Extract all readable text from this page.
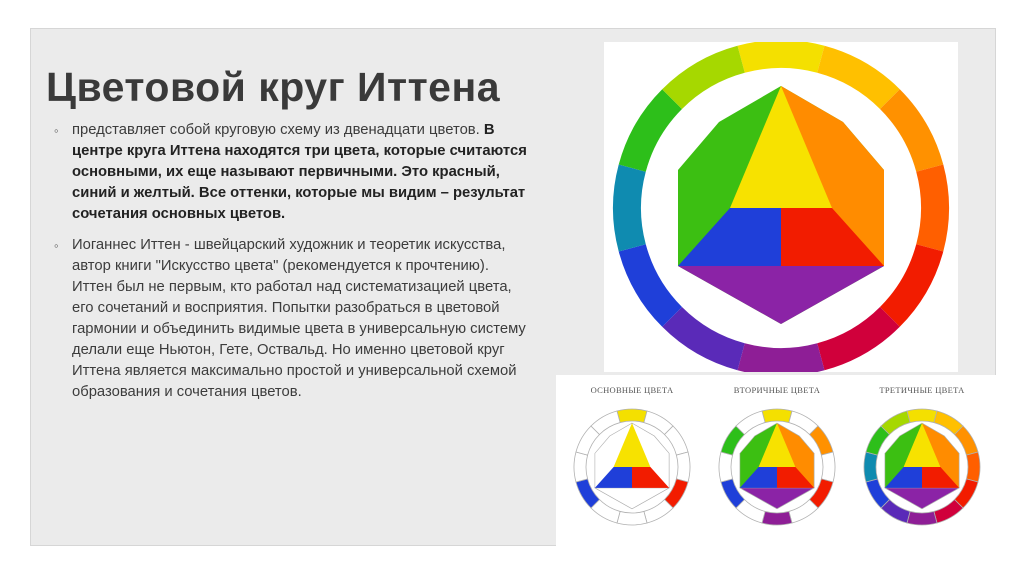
Цветовой круг Иттена
◦ представляет собой круговую схему из двенадцати цветов. В центре круга Иттена находятся три цвета, которые считаются основными, их еще называют первичными. Это красный, синий и желтый. Все оттенки, которые мы видим – результат сочетания основных цветов.
◦ Иоганнес Иттен - швейцарский художник и теоретик искусства, автор книги "Искусство цвета" (рекомендуется к прочтению). Иттен был не первым, кто работал над систематизацией цвета, его сочетаний и восприятия. Попытки разобраться в цветовой гармонии и объединить видимые цвета в универсальную систему делали еще Ньютон, Гете, Оствальд. Но именно цветовой круг Иттена является максимально простой и универсальной схемой образования и сочетания цветов.	ОСНОВНЫЕ ЦВЕТА	ВТОРИЧНЫЕ ЦВЕТА	ТРЕТИЧНЫЕ ЦВЕТА
